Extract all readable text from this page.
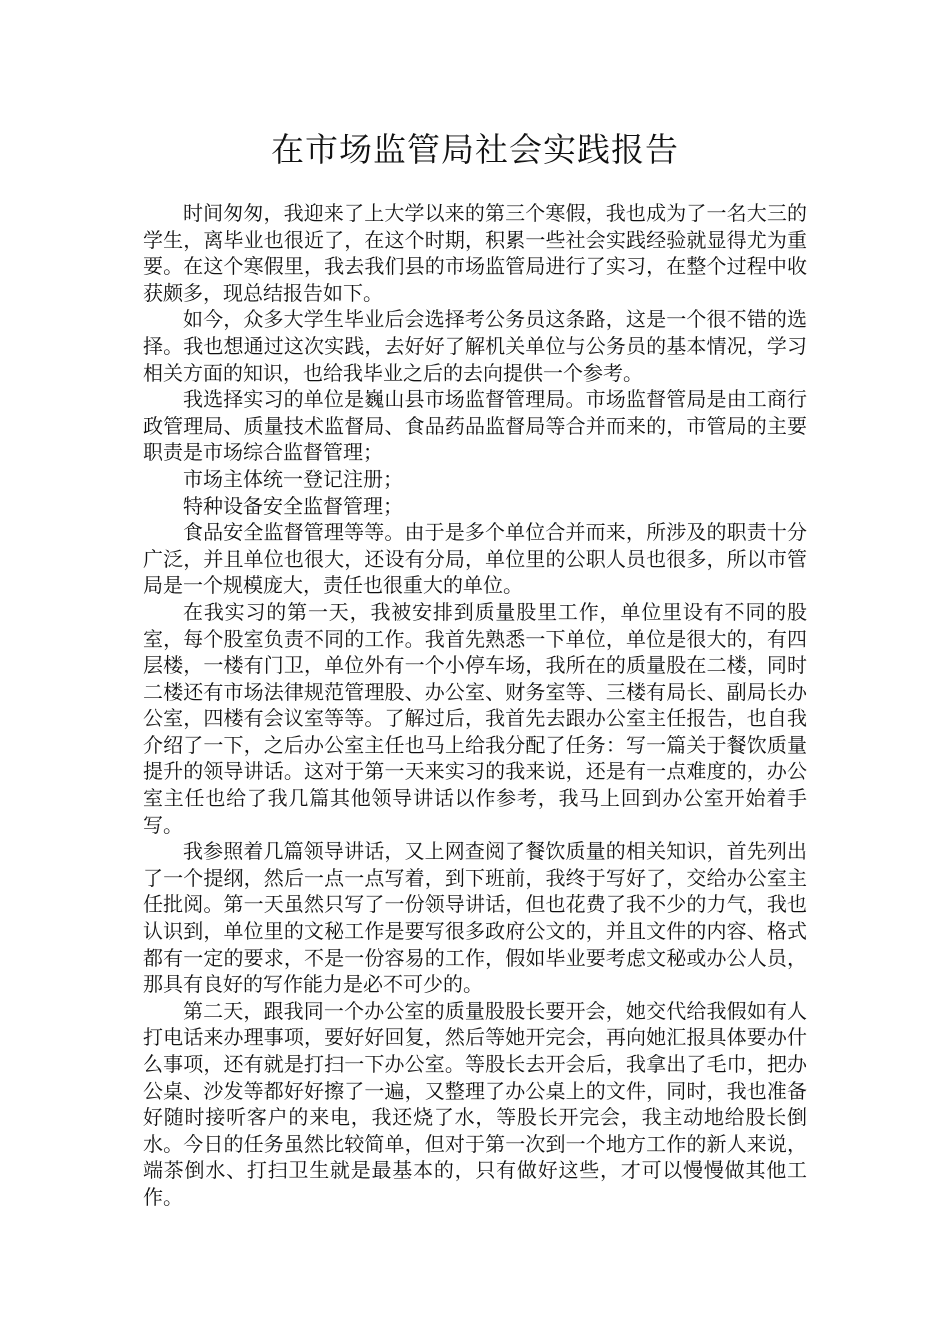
在市场监管局社会实践报告

时间匆匆，我迎来了上大学以来的第三个寒假，我也成为了一名大三的学生，离毕业也很近了，在这个时期，积累一些社会实践经验就显得尤为重要。在这个寒假里，我去我们县的市场监管局进行了实习，在整个过程中收获颇多，现总结报告如下。

如今，众多大学生毕业后会选择考公务员这条路，这是一个很不错的选择。我也想通过这次实践，去好好了解机关单位与公务员的基本情况，学习相关方面的知识，也给我毕业之后的去向提供一个参考。

我选择实习的单位是巍山县市场监督管理局。市场监督管局是由工商行政管理局、质量技术监督局、食品药品监督局等合并而来的，市管局的主要职责是市场综合监督管理；

市场主体统一登记注册；

特种设备安全监督管理；

食品安全监督管理等等。由于是多个单位合并而来，所涉及的职责十分广泛，并且单位也很大，还设有分局，单位里的公职人员也很多，所以市管局是一个规模庞大，责任也很重大的单位。

在我实习的第一天，我被安排到质量股里工作，单位里设有不同的股室，每个股室负责不同的工作。我首先熟悉一下单位，单位是很大的，有四层楼，一楼有门卫，单位外有一个小停车场，我所在的质量股在二楼，同时二楼还有市场法律规范管理股、办公室、财务室等、三楼有局长、副局长办公室，四楼有会议室等等。了解过后，我首先去跟办公室主任报告，也自我介绍了一下，之后办公室主任也马上给我分配了任务：写一篇关于餐饮质量提升的领导讲话。这对于第一天来实习的我来说，还是有一点难度的，办公室主任也给了我几篇其他领导讲话以作参考，我马上回到办公室开始着手写。

我参照着几篇领导讲话，又上网查阅了餐饮质量的相关知识，首先列出了一个提纲，然后一点一点写着，到下班前，我终于写好了，交给办公室主任批阅。第一天虽然只写了一份领导讲话，但也花费了我不少的力气，我也认识到，单位里的文秘工作是要写很多政府公文的，并且文件的内容、格式都有一定的要求，不是一份容易的工作，假如毕业要考虑文秘或办公人员，那具有良好的写作能力是必不可少的。

第二天，跟我同一个办公室的质量股股长要开会，她交代给我假如有人打电话来办理事项，要好好回复，然后等她开完会，再向她汇报具体要办什么事项，还有就是打扫一下办公室。等股长去开会后，我拿出了毛巾，把办公桌、沙发等都好好擦了一遍，又整理了办公桌上的文件，同时，我也准备好随时接听客户的来电，我还烧了水，等股长开完会，我主动地给股长倒水。今日的任务虽然比较简单，但对于第一次到一个地方工作的新人来说，端茶倒水、打扫卫生就是最基本的，只有做好这些，才可以慢慢做其他工作。
